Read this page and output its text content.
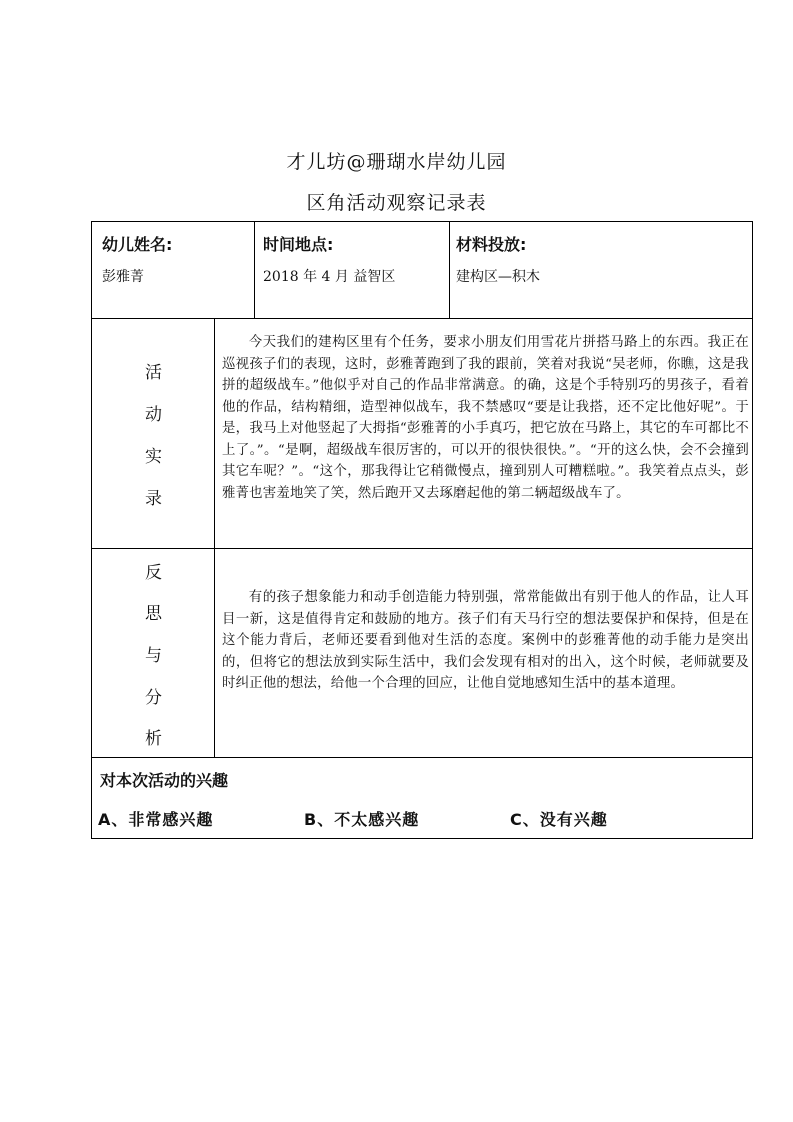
才儿坊@珊瑚水岸幼儿园
区角活动观察记录表
幼儿姓名:
彭雅菁
时间地点:
2018 年 4 月 益智区
材料投放:
建构区—积木
活
动
实
录

今天我们的建构区里有个任务，要求小朋友们用雪花片拼搭马路上的东西。我正在巡视孩子们的表现，这时，彭雅菁跑到了我的跟前，笑着对我说“吴老师，你瞧，这是我拼的超级战车。”他似乎对自己的作品非常满意。的确，这是个手特别巧的男孩子，看着他的作品，结构精细，造型神似战车，我不禁感叹“要是让我搭，还不定比他好呢”。于是，我马上对他竖起了大拇指“彭雅菁的小手真巧，把它放在马路上，其它的车可都比不上了。”。“是啊，超级战车很厉害的，可以开的很快很快。”。“开的这么快，会不会撞到其它车呢？”。“这个，那我得让它稍微慢点，撞到别人可糟糕啦。”。我笑着点点头，彭雅菁也害羞地笑了笑，然后跑开又去琢磨起他的第二辆超级战车了。

反
思
与
分
析

有的孩子想象能力和动手创造能力特别强，常常能做出有别于他人的作品，让人耳目一新，这是值得肯定和鼓励的地方。孩子们有天马行空的想法要保护和保持，但是在这个能力背后，老师还要看到他对生活的态度。案例中的彭雅菁他的动手能力是突出的，但将它的想法放到实际生活中，我们会发现有相对的出入，这个时候，老师就要及时纠正他的想法，给他一个合理的回应，让他自觉地感知生活中的基本道理。

对本次活动的兴趣
A、非常感兴趣	B、不太感兴趣	C、没有兴趣
